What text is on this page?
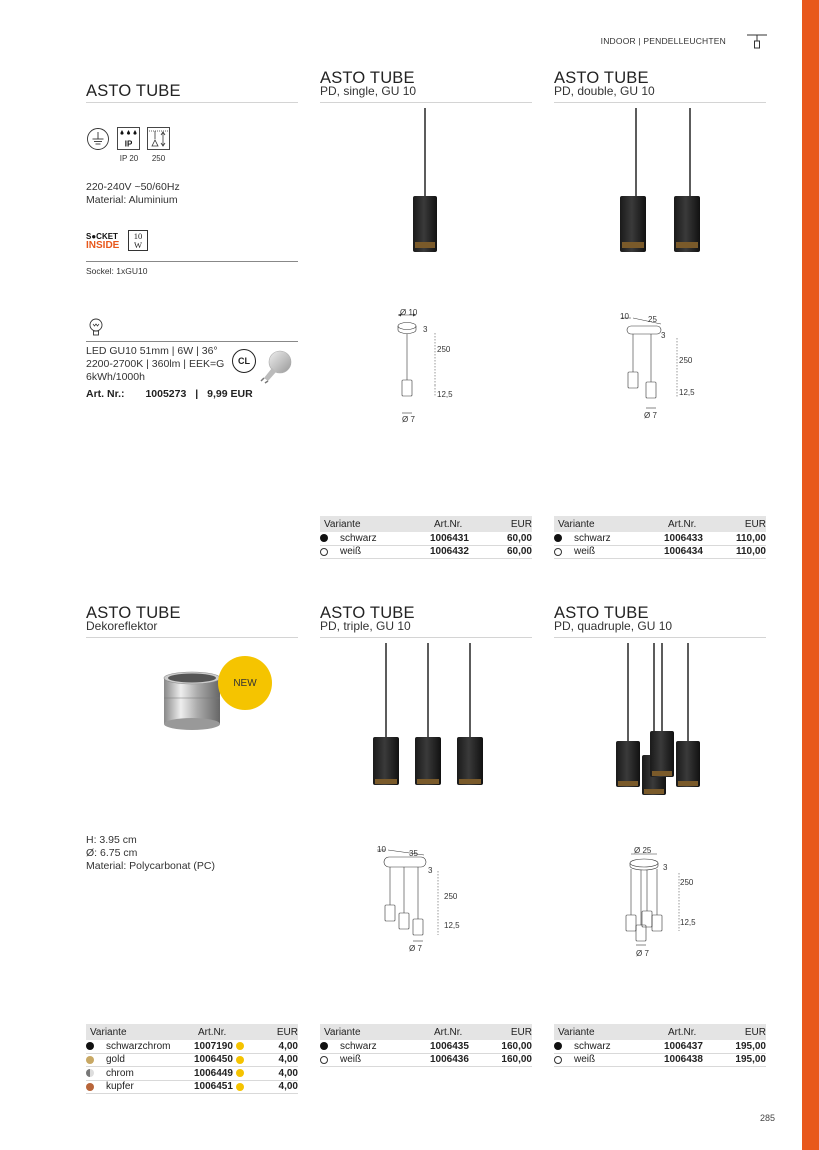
INDOOR | PENDELLEUCHTEN
ASTO TUBE
IP
IP 20	250
220-240V ~50/60Hz
Material: Aluminium
S●CKET
INSIDE
10
W
Sockel: 1xGU10
LED GU10 51mm | 6W | 36°
2200-2700K | 360lm | EEK=G
6kWh/1000h
CL
Art. Nr.: 1005273 | 9,99 EUR
ASTO TUBE
PD, single, GU 10
Ø 10
3
250
12,5
Ø 7
Variante	Art.Nr.	EUR
schwarz	1006431	60,00
weiß	1006432	60,00
ASTO TUBE
PD, double, GU 10
10 25
3
250
12,5
Ø 7
Variante	Art.Nr.	EUR
schwarz	1006433	110,00
weiß	1006434	110,00
ASTO TUBE
Dekoreflektor
NEW
H: 3.95 cm
Ø: 6.75 cm
Material: Polycarbonat (PC)
Variante	Art.Nr.	EUR
schwarzchrom 1007190	4,00
gold	1006450	4,00
chrom	1006449	4,00
kupfer	1006451	4,00
ASTO TUBE
PD, triple, GU 10
10	35
3
250
12,5
Ø 7
Variante	Art.Nr.	EUR
schwarz	1006435	160,00
weiß	1006436	160,00
ASTO TUBE
PD, quadruple, GU 10
Ø 25
3
250
12,5
Ø 7
Variante	Art.Nr.	EUR
schwarz	1006437	195,00
weiß	1006438	195,00
285
